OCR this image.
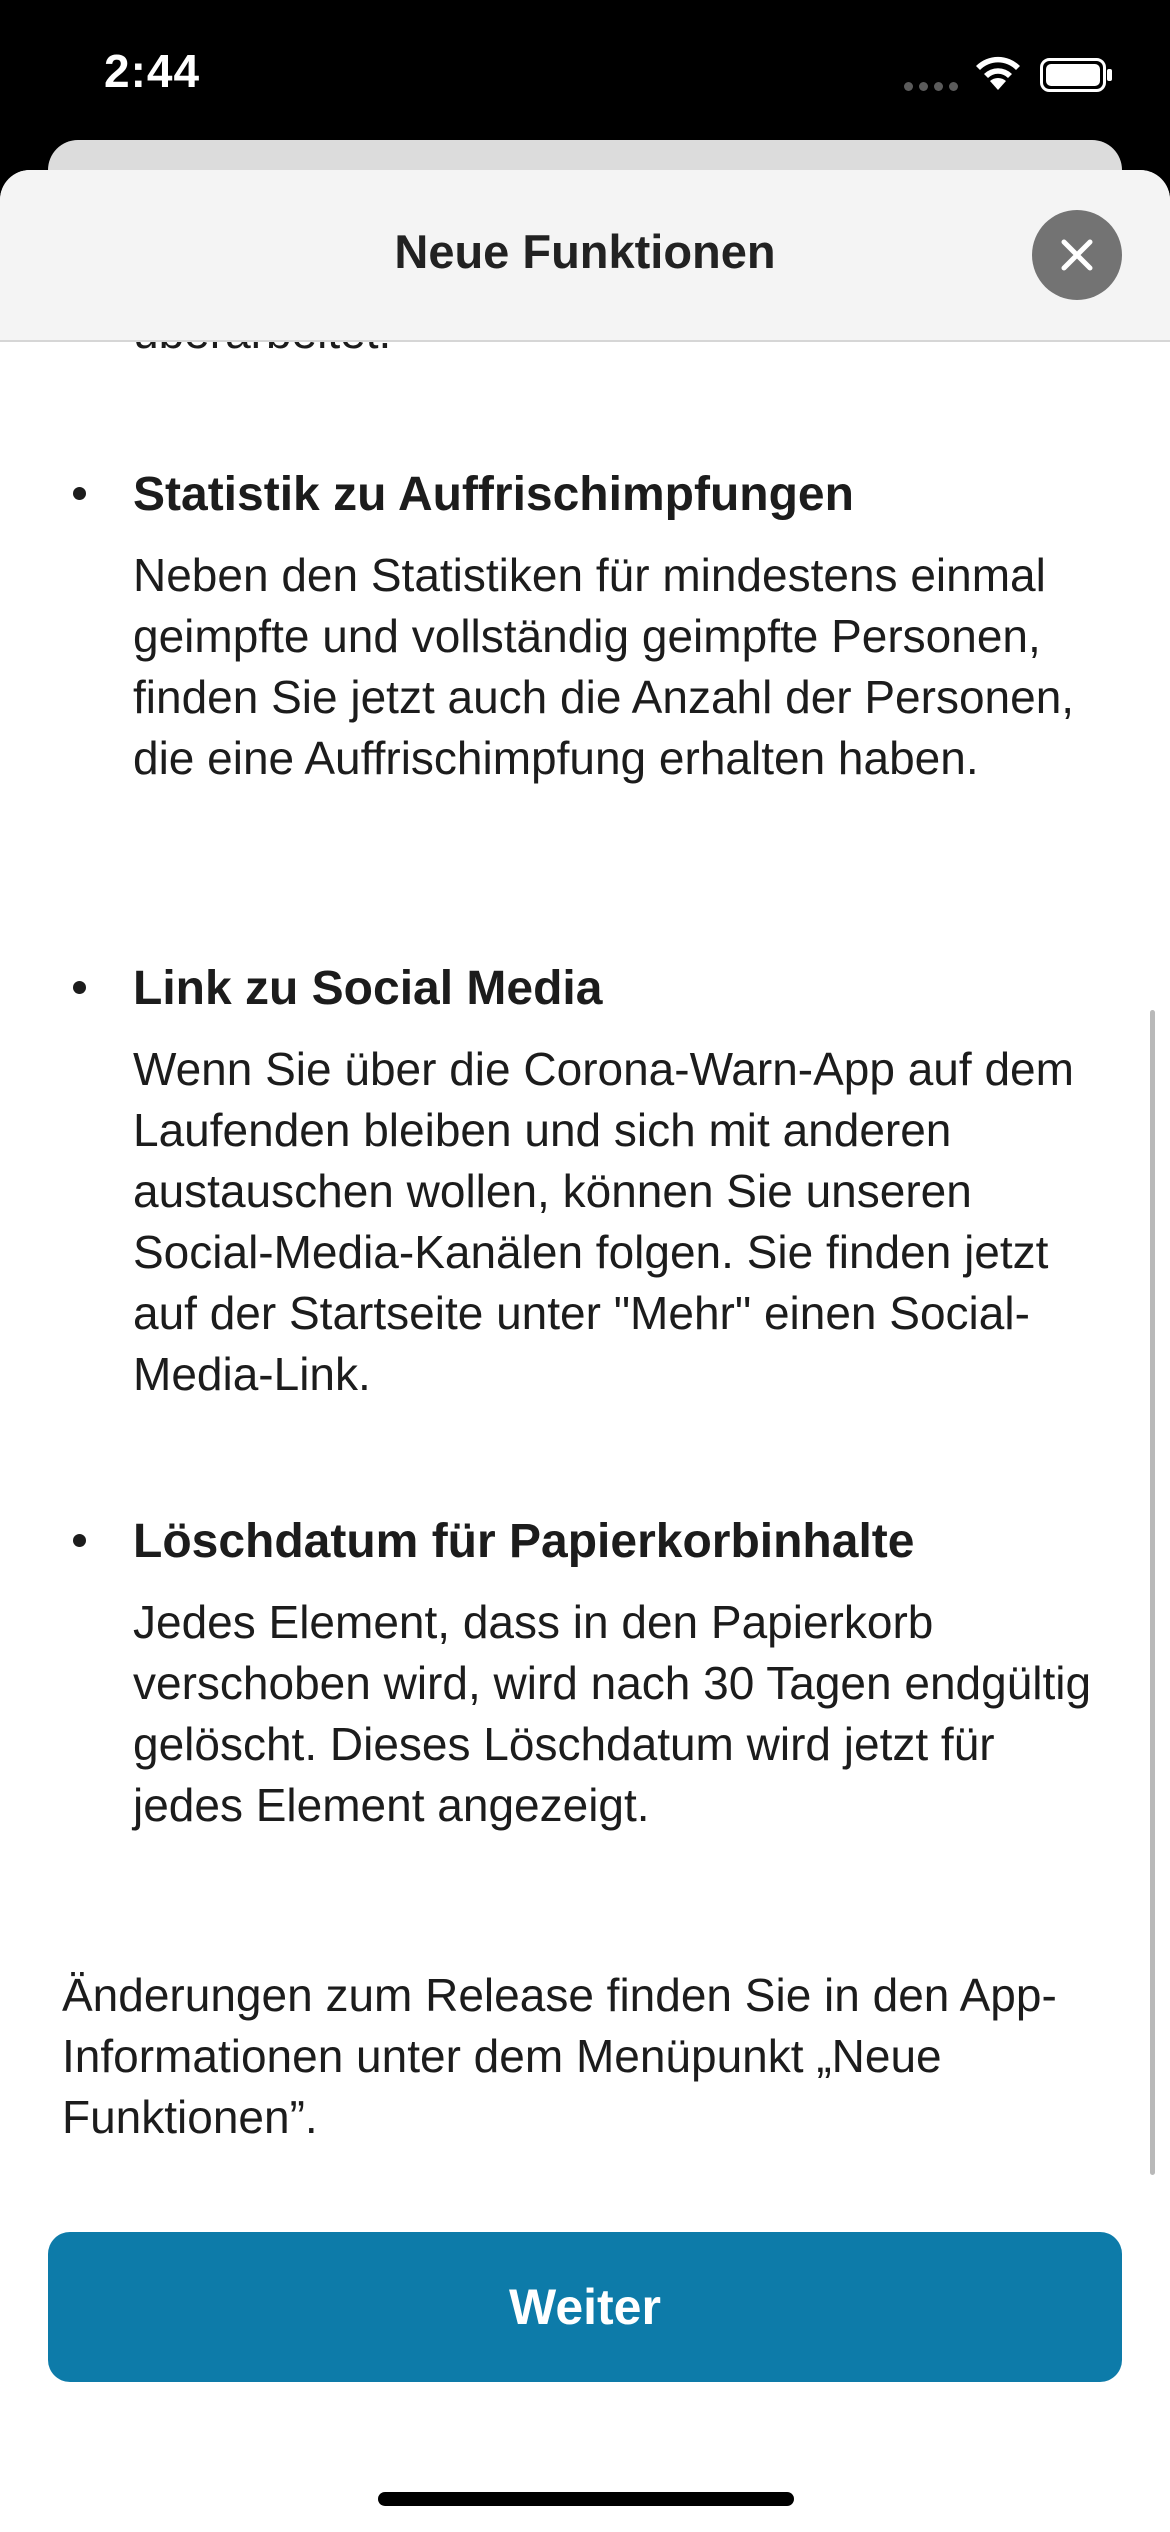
2:44
Statistik zu Auffrischimpfungen
Neben den Statistiken für mindestens einmal geimpfte und vollständig geimpfte Personen, finden Sie jetzt auch die Anzahl der Personen, die eine Auffrischimpfung erhalten haben.
Link zu Social Media
Wenn Sie über die Corona-Warn-App auf dem Laufenden bleiben und sich mit anderen austauschen wollen, können Sie unseren Social-Media-Kanälen folgen. Sie finden jetzt auf der Startseite unter "Mehr" einen Social-Media-Link.
Löschdatum für Papierkorbinhalte
Jedes Element, dass in den Papierkorb verschoben wird, wird nach 30 Tagen endgültig gelöscht. Dieses Löschdatum wird jetzt für jedes Element angezeigt.
Änderungen zum Release finden Sie in den App-Informationen unter dem Menüpunkt „Neue Funktionen”.
Weiter
Neue Funktionen
